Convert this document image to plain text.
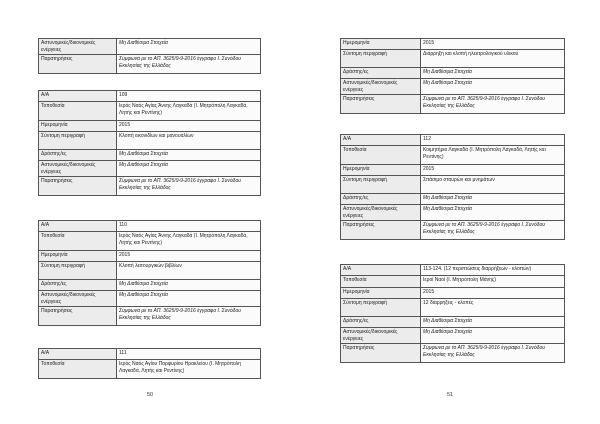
Αστυνομικές/δικονομικές ενέργειες	Μη Διαθέσιμα Στοιχεία
Παρατηρήσεις	Σύμφωνα με το ΑΠ. 3625/9-9-2016 έγγραφο Ι. Συνόδου Εκκλησίας της Ελλάδος
Α/Α	109
Τοποθεσία	Ιερός Ναός Αγίας Άννης Λαγκαδά (Ι. Μητρόπολη Λαγκαδά, Λητής και Ρεντίνης)
Ημερομηνία	2015
Σύντομη περιγραφή	Κλοπή εικονιδίων και μανουαλίων
Δράστης/ες	Μη Διαθέσιμα Στοιχεία
Αστυνομικές/δικονομικές ενέργειες	Μη Διαθέσιμα Στοιχεία
Παρατηρήσεις	Σύμφωνα με το ΑΠ. 3625/9-9-2016 έγγραφο Ι. Συνόδου Εκκλησίας της Ελλάδος
Α/Α	110
Τοποθεσία	Ιερός Ναός Αγίας Άννης Λαγκαδά (Ι. Μητρόπολη Λαγκαδά, Λητής και Ρεντίνης)
Ημερομηνία	2015
Σύντομη περιγραφή	Κλοπή λειτουργικών βιβλίων
Δράστης/ες	Μη Διαθέσιμα Στοιχεία
Αστυνομικές/δικονομικές ενέργειες	Μη Διαθέσιμα Στοιχεία
Παρατηρήσεις	Σύμφωνα με το ΑΠ. 3625/9-9-2016 έγγραφο Ι. Συνόδου Εκκλησίας της Ελλάδος
Α/Α	111
Τοποθεσία	Ιερός Ναός Αγίου Πορφυρίου Ηρακλείου (Ι. Μητρόπολη Λαγκαδά, Λητής και Ρεντίνης)
50
Ημερομηνία	2015
Σύντομη περιγραφή	Διάρρηξη και κλοπή ηλεκτρολογικού υλικού
Δράστης/ες	Μη Διαθέσιμα Στοιχεία
Αστυνομικές/δικονομικές ενέργειες	Μη Διαθέσιμα Στοιχεία
Παρατηρήσεις	Σύμφωνα με το ΑΠ. 3625/9-9-2016 έγγραφο Ι. Συνόδου Εκκλησίας της Ελλάδος
Α/Α	112
Τοποθεσία	Κοιμητήριο Λαγκαδά (Ι. Μητρόπολη Λαγκαδά, Λητής και Ρεντίνης)
Ημερομηνία	2015
Σύντομη περιγραφή	Σπάσιμο σταυρών και μνημάτων
Δράστης/ες	Μη Διαθέσιμα Στοιχεία
Αστυνομικές/δικονομικές ενέργειες	Μη Διαθέσιμα Στοιχεία
Παρατηρήσεις	Σύμφωνα με το ΑΠ. 3625/9-9-2016 έγγραφο Ι. Συνόδου Εκκλησίας της Ελλάδος
Α/Α	113-124. (12 περιπτώσεις διαρρήξεων - κλοπών)
Τοποθεσία	Ιεροί Ναοί (Ι. Μητρόπολη Μάνης)
Ημερομηνία	2015
Σύντομη περιγραφή	12 διαρρήξεις - κλοπές
Δράστης/ες	Μη Διαθέσιμα Στοιχεία
Αστυνομικές/δικονομικές ενέργειες	Μη Διαθέσιμα Στοιχεία
Παρατηρήσεις	Σύμφωνα με το ΑΠ. 3625/9-9-2016 έγγραφο Ι. Συνόδου Εκκλησίας της Ελλάδος
51
